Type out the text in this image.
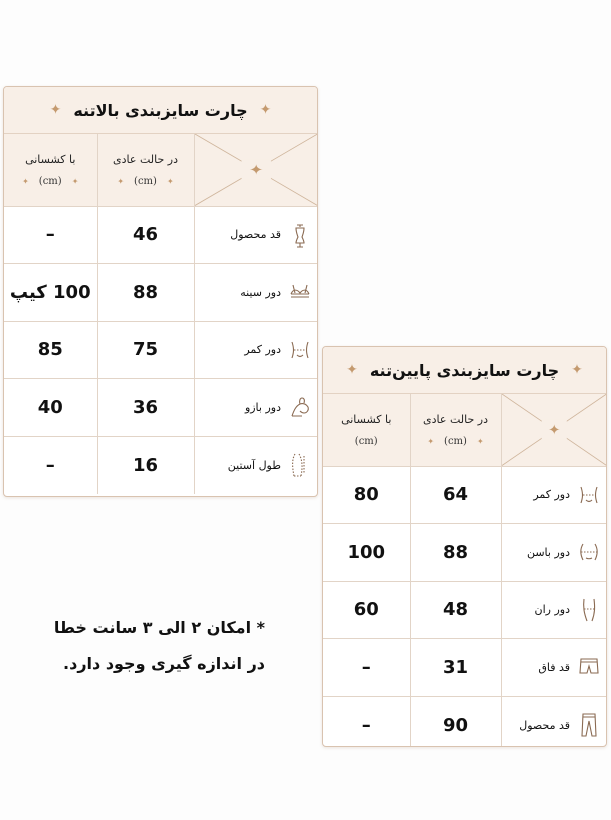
✦ چارت سایزبندی بالاتنه ✦
با کشسانی
✦ (cm) ✦	در حالت عادی
✦ (cm) ✦	✦

–	46	قد محصول

100 کیپ	88	دور سینه

85	75	دور کمر

40	36	دور بازو

–	16	طول آستین
✦ چارت سایزبندی پایین‌تنه ✦
با کشسانی
(cm)	در حالت عادی
✦ (cm) ✦	✦

80	64	دور کمر

100	88	دور باسن

60	48	دور ران

–	31	قد فاق

–	90	قد محصول
* امکان ۲ الی ۳ سانت خطا
در اندازه گیری وجود دارد.
